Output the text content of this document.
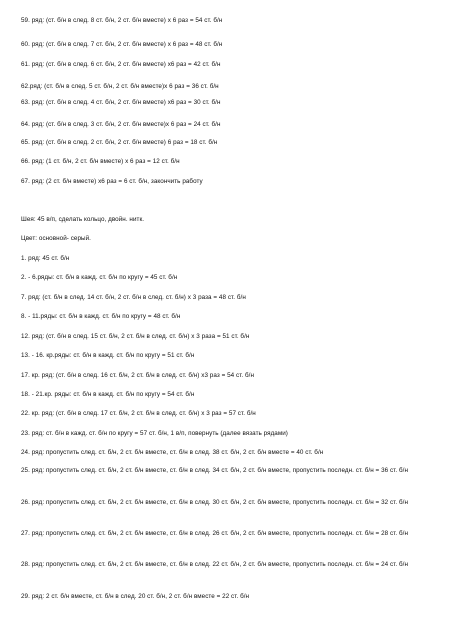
59. ряд: (ст. б/н в след. 8 ст. б/н, 2 ст. б/н вместе) х 6 раз = 54 ст. б/н
60. ряд: (ст. б/н в след. 7 ст. б/н, 2 ст. б/н вместе) х 6 раз = 48 ст. б/н
61. ряд: (ст. б/н в след. 6 ст. б/н, 2 ст. б/н вместе) х6 раз = 42 ст. б/н
62.ряд: (ст. б/н в след. 5 ст. б/н, 2 ст. б/н вместе)х 6 раз = 36 ст. б/н
63. ряд: (ст. б/н в след. 4 ст. б/н, 2 ст. б/н вместе) х6 раз = 30 ст. б/н
64. ряд: (ст. б/н в след. 3 ст. б/н, 2 ст. б/н вместе)х 6 раз = 24 ст. б/н
65. ряд: (ст. б/н в след. 2 ст. б/н, 2 ст. б/н вместе) 6 раз = 18 ст. б/н
66. ряд: (1 ст. б/н, 2 ст. б/н вместе) х 6 раз = 12 ст. б/н
67. ряд: (2 ст. б/н вместе) х6 раз = 6 ст. б/н, закончить работу
Шея: 45 в/п, сделать кольцо, двойн. нитк.
Цвет: основной- серый.
1. ряд: 45 ст. б/н
2. - 6.ряды: ст. б/н в кажд. ст. б/н по кругу = 45 ст. б/н
7. ряд: (ст. б/н в след. 14 ст. б/н, 2 ст. б/н в след. ст. б/н) х 3 раза = 48 ст. б/н
8. - 11.ряды: ст. б/н в кажд. ст. б/н по кругу = 48 ст. б/н
12. ряд: (ст. б/н в след. 15 ст. б/н, 2 ст. б/н в след. ст. б/н) х 3 раза = 51 ст. б/н
13. - 16. кр.ряды: ст. б/н в кажд. ст. б/н по кругу = 51 ст. б/н
17. кр. ряд: (ст. б/н в след. 16 ст. б/н, 2 ст. б/н в след. ст. б/н) х3 раз = 54 ст. б/н
18. - 21.кр. ряды: ст. б/н в кажд. ст. б/н по кругу = 54 ст. б/н
22. кр. ряд: (ст. б/н в след. 17 ст. б/н, 2 ст. б/н в след. ст. б/н) х 3 раз = 57 ст. б/н
23. ряд: ст. б/н в кажд. ст. б/н по кругу = 57 ст. б/н, 1 в/п, повернуть (далее вязать рядами)
24. ряд: пропустить след. ст. б/н, 2 ст. б/н вместе, ст. б/н в след. 38 ст. б/н, 2 ст. б/н вместе = 40 ст. б/н
25. ряд: пропустить след. ст. б/н, 2 ст. б/н вместе, ст. б/н в след. 34 ст. б/н, 2 ст. б/н вместе, пропустить последн. ст. б/н = 36 ст. б/н
26. ряд: пропустить след. ст. б/н, 2 ст. б/н вместе, ст. б/н в след. 30 ст. б/н, 2 ст. б/н вместе, пропустить последн. ст. б/н = 32 ст. б/н
27. ряд: пропустить след. ст. б/н, 2 ст. б/н вместе, ст. б/н в след. 26 ст. б/н, 2 ст. б/н вместе, пропустить последн. ст. б/н = 28 ст. б/н
28. ряд: пропустить след. ст. б/н, 2 ст. б/н вместе, ст. б/н в след. 22 ст. б/н, 2 ст. б/н вместе, пропустить последн. ст. б/н = 24 ст. б/н
29. ряд: 2 ст. б/н вместе, ст. б/н в след. 20 ст. б/н, 2 ст. б/н вместе = 22 ст. б/н
